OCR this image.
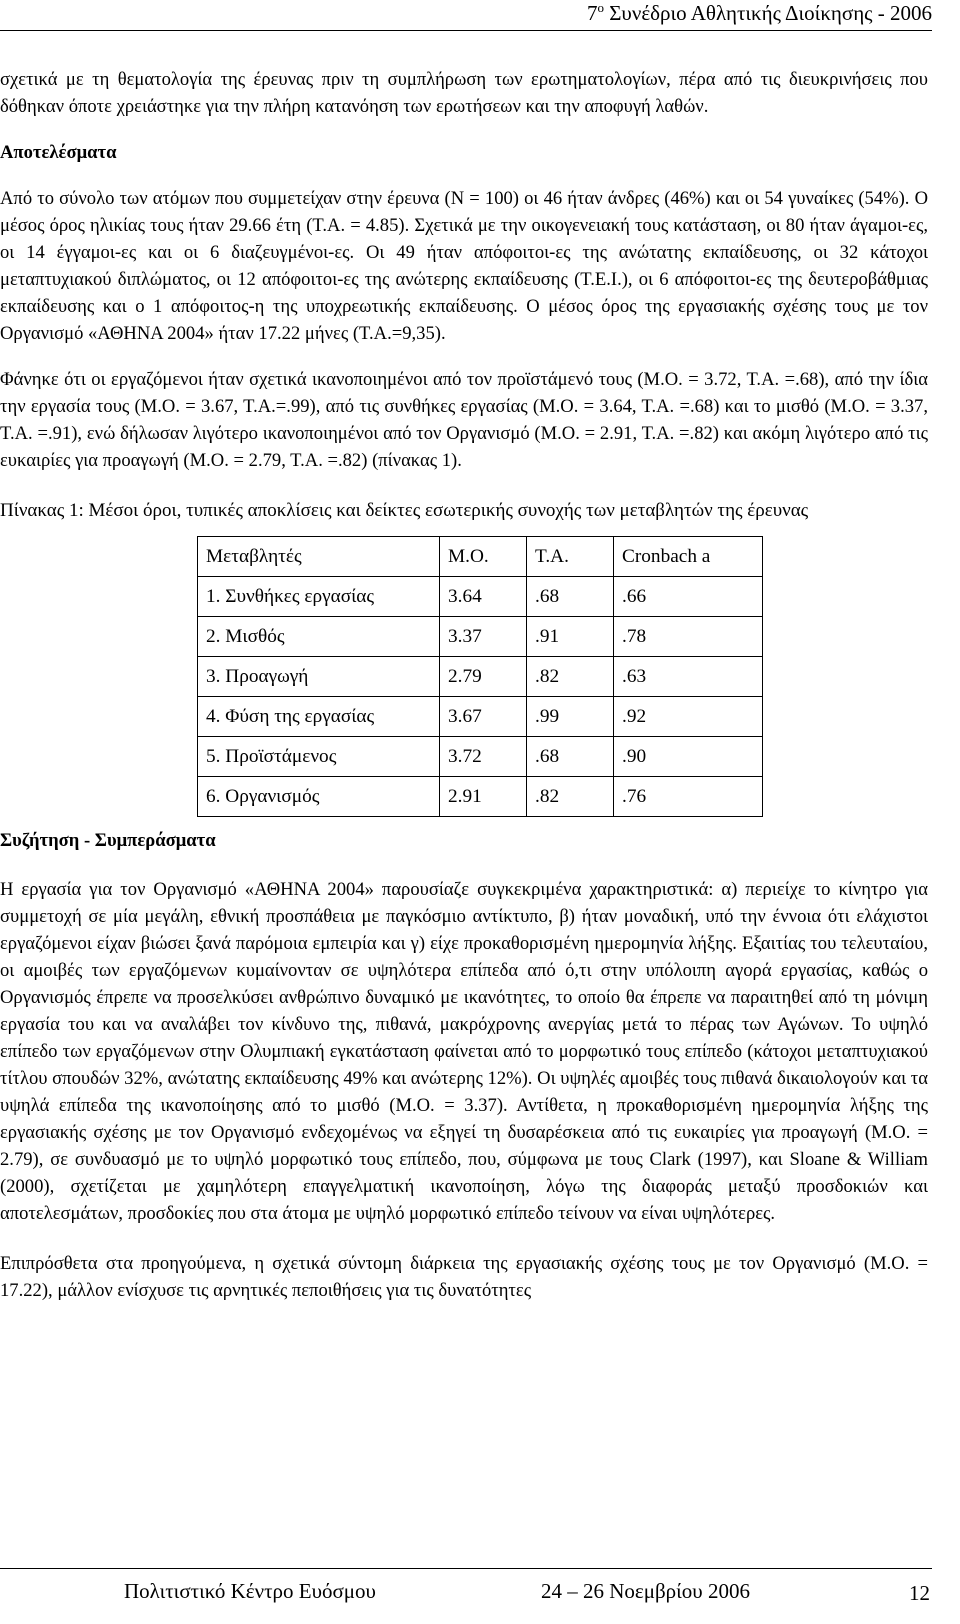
$7^o$ Συνέδριο Αθλητικής Διοίκησης - 2006

σχετικά με τη θεματολογία της έρευνας πριν τη συμπλήρωση των ερωτηματολογίων, πέρα από τις διευκρινήσεις που δόθηκαν όποτε χρειάστηκε για την πλήρη κατανόηση των ερωτήσεων και την αποφυγή λαθών.

Αποτελέσματα

Από το σύνολο των ατόμων που συμμετείχαν στην έρευνα (Ν = 100) οι 46 ήταν άνδρες (46%) και οι 54 γυναίκες (54%). Ο μέσος όρος ηλικίας τους ήταν 29.66 έτη (Τ.Α. = 4.85). Σχετικά με την οικογενειακή τους κατάσταση, οι 80 ήταν άγαμοι-ες, οι 14 έγγαμοι-ες και οι 6 διαζευγμένοι-ες. Οι 49 ήταν απόφοιτοι-ες της ανώτατης εκπαίδευσης, οι 32 κάτοχοι μεταπτυχιακού διπλώματος, οι 12 απόφοιτοι-ες της ανώτερης εκπαίδευσης (Τ.Ε.Ι.), οι 6 απόφοιτοι-ες της δευτεροβάθμιας εκπαίδευσης και ο 1 απόφοιτος-η της υποχρεωτικής εκπαίδευσης. Ο μέσος όρος της εργασιακής σχέσης τους με τον Οργανισμό «ΑΘΗΝΑ 2004» ήταν 17.22 μήνες (Τ.Α.=9,35).

Φάνηκε ότι οι εργαζόμενοι ήταν σχετικά ικανοποιημένοι από τον προϊστάμενό τους (Μ.Ο. = 3.72, Τ.Α. =.68), από την ίδια την εργασία τους (Μ.Ο. = 3.67, Τ.Α.=.99), από τις συνθήκες εργασίας (Μ.Ο. = 3.64, Τ.Α. =.68) και το μισθό (Μ.Ο. = 3.37, Τ.Α. =.91), ενώ δήλωσαν λιγότερο ικανοποιημένοι από τον Οργανισμό (Μ.Ο. = 2.91, Τ.Α. =.82) και ακόμη λιγότερο από τις ευκαιρίες για προαγωγή (Μ.Ο. = 2.79, Τ.Α. =.82) (πίνακας 1).

Πίνακας 1: Μέσοι όροι, τυπικές αποκλίσεις και δείκτες εσωτερικής συνοχής των μεταβλητών της έρευνας

Μεταβλητές	Μ.Ο.	Τ.Α.	Cronbach a
1. Συνθήκες εργασίας	3.64	.68	.66
2. Μισθός	3.37	.91	.78
3. Προαγωγή	2.79	.82	.63
4. Φύση της εργασίας	3.67	.99	.92
5. Προϊστάμενος	3.72	.68	.90
6. Οργανισμός	2.91	.82	.76

Συζήτηση - Συμπεράσματα

Η εργασία για τον Οργανισμό «ΑΘΗΝΑ 2004» παρουσίαζε συγκεκριμένα χαρακτηριστικά: α) περιείχε το κίνητρο για συμμετοχή σε μία μεγάλη, εθνική προσπάθεια με παγκόσμιο αντίκτυπο, β) ήταν μοναδική, υπό την έννοια ότι ελάχιστοι εργαζόμενοι είχαν βιώσει ξανά παρόμοια εμπειρία και γ) είχε προκαθορισμένη ημερομηνία λήξης. Εξαιτίας του τελευταίου, οι αμοιβές των εργαζόμενων κυμαίνονταν σε υψηλότερα επίπεδα από ό,τι στην υπόλοιπη αγορά εργασίας, καθώς ο Οργανισμός έπρεπε να προσελκύσει ανθρώπινο δυναμικό με ικανότητες, το οποίο θα έπρεπε να παραιτηθεί από τη μόνιμη εργασία του και να αναλάβει τον κίνδυνο της, πιθανά, μακρόχρονης ανεργίας μετά το πέρας των Αγώνων. Το υψηλό επίπεδο των εργαζόμενων στην Ολυμπιακή εγκατάσταση φαίνεται από το μορφωτικό τους επίπεδο (κάτοχοι μεταπτυχιακού τίτλου σπουδών 32%, ανώτατης εκπαίδευσης 49% και ανώτερης 12%). Οι υψηλές αμοιβές τους πιθανά δικαιολογούν και τα υψηλά επίπεδα της ικανοποίησης από το μισθό (Μ.Ο. = 3.37). Αντίθετα, η προκαθορισμένη ημερομηνία λήξης της εργασιακής σχέσης με τον Οργανισμό ενδεχομένως να εξηγεί τη δυσαρέσκεια από τις ευκαιρίες για προαγωγή (Μ.Ο. = 2.79), σε συνδυασμό με το υψηλό μορφωτικό τους επίπεδο, που, σύμφωνα με τους Clark (1997), και Sloane & William (2000), σχετίζεται με χαμηλότερη επαγγελματική ικανοποίηση, λόγω της διαφοράς μεταξύ προσδοκιών και αποτελεσμάτων, προσδοκίες που στα άτομα με υψηλό μορφωτικό επίπεδο τείνουν να είναι υψηλότερες.

Επιπρόσθετα στα προηγούμενα, η σχετικά σύντομη διάρκεια της εργασιακής σχέσης τους με τον Οργανισμό (Μ.Ο. = 17.22), μάλλον ενίσχυσε τις αρνητικές πεποιθήσεις για τις δυνατότητες

Πολιτιστικό Κέντρο Ευόσμου	24 – 26 Νοεμβρίου 2006	12
